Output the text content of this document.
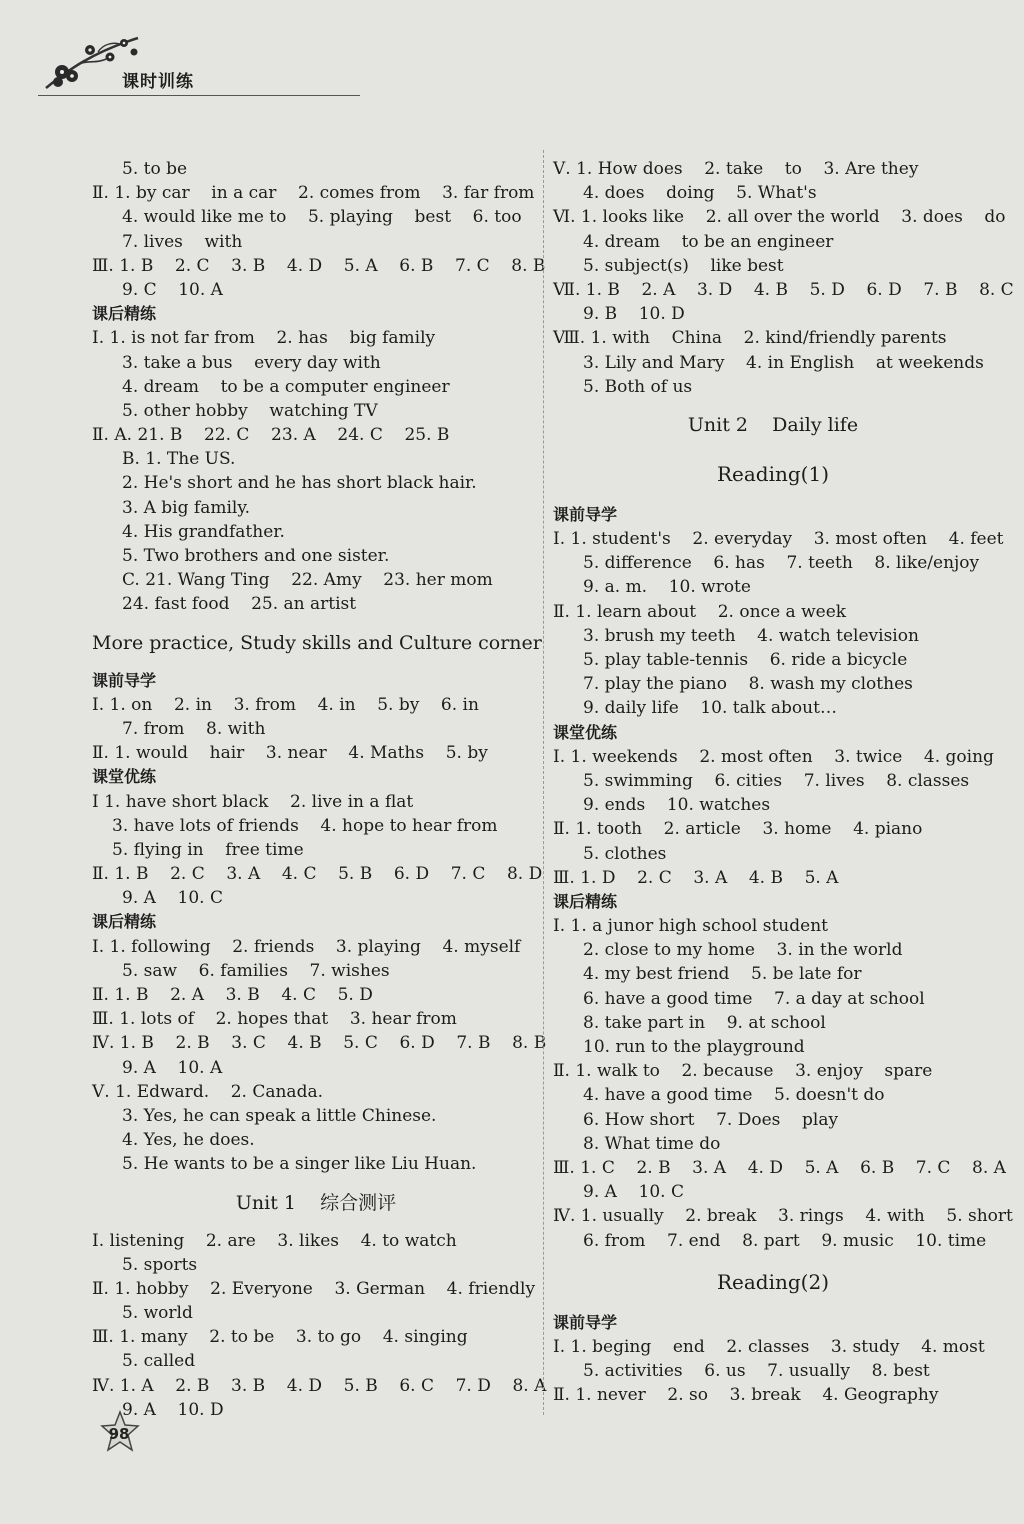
课时训练
5. to be
Ⅱ. 1. by car    in a car    2. comes from    3. far from
4. would like me to    5. playing    best    6. too
7. lives    with
Ⅲ. 1. B    2. C    3. B    4. D    5. A    6. B    7. C    8. B
9. C    10. A
课后精练
Ⅰ. 1. is not far from    2. has    big family
3. take a bus    every day with
4. dream    to be a computer engineer
5. other hobby    watching TV
Ⅱ. A. 21. B    22. C    23. A    24. C    25. B
B. 1. The US.
2. He's short and he has short black hair.
3. A big family.
4. His grandfather.
5. Two brothers and one sister.
C. 21. Wang Ting    22. Amy    23. her mom
24. fast food    25. an artist
More practice, Study skills and Culture corner
课前导学
Ⅰ. 1. on    2. in    3. from    4. in    5. by    6. in
7. from    8. with
Ⅱ. 1. would    hair    3. near    4. Maths    5. by
课堂优练
Ⅰ 1. have short black    2. live in a flat
3. have lots of friends    4. hope to hear from
5. flying in    free time
Ⅱ. 1. B    2. C    3. A    4. C    5. B    6. D    7. C    8. D
9. A    10. C
课后精练
Ⅰ. 1. following    2. friends    3. playing    4. myself
5. saw    6. families    7. wishes
Ⅱ. 1. B    2. A    3. B    4. C    5. D
Ⅲ. 1. lots of    2. hopes that    3. hear from
Ⅳ. 1. B    2. B    3. C    4. B    5. C    6. D    7. B    8. B
9. A    10. A
Ⅴ. 1. Edward.    2. Canada.
3. Yes, he can speak a little Chinese.
4. Yes, he does.
5. He wants to be a singer like Liu Huan.
Unit 1    综合测评
Ⅰ. listening    2. are    3. likes    4. to watch
5. sports
Ⅱ. 1. hobby    2. Everyone    3. German    4. friendly
5. world
Ⅲ. 1. many    2. to be    3. to go    4. singing
5. called
Ⅳ. 1. A    2. B    3. B    4. D    5. B    6. C    7. D    8. A
9. A    10. D
Ⅴ. 1. How does    2. take    to    3. Are they
4. does    doing    5. What's
Ⅵ. 1. looks like    2. all over the world    3. does    do
4. dream    to be an engineer
5. subject(s)    like best
Ⅶ. 1. B    2. A    3. D    4. B    5. D    6. D    7. B    8. C
9. B    10. D
Ⅷ. 1. with    China    2. kind/friendly parents
3. Lily and Mary    4. in English    at weekends
5. Both of us
Unit 2    Daily life
Reading(1)
课前导学
Ⅰ. 1. student's    2. everyday    3. most often    4. feet
5. difference    6. has    7. teeth    8. like/enjoy
9. a. m.    10. wrote
Ⅱ. 1. learn about    2. once a week
3. brush my teeth    4. watch television
5. play table-tennis    6. ride a bicycle
7. play the piano    8. wash my clothes
9. daily life    10. talk about…
课堂优练
Ⅰ. 1. weekends    2. most often    3. twice    4. going
5. swimming    6. cities    7. lives    8. classes
9. ends    10. watches
Ⅱ. 1. tooth    2. article    3. home    4. piano
5. clothes
Ⅲ. 1. D    2. C    3. A    4. B    5. A
课后精练
Ⅰ. 1. a junor high school student
2. close to my home    3. in the world
4. my best friend    5. be late for
6. have a good time    7. a day at school
8. take part in    9. at school
10. run to the playground
Ⅱ. 1. walk to    2. because    3. enjoy    spare
4. have a good time    5. doesn't do
6. How short    7. Does    play
8. What time do
Ⅲ. 1. C    2. B    3. A    4. D    5. A    6. B    7. C    8. A
9. A    10. C
Ⅳ. 1. usually    2. break    3. rings    4. with    5. short
6. from    7. end    8. part    9. music    10. time
Reading(2)
课前导学
Ⅰ. 1. beging    end    2. classes    3. study    4. most
5. activities    6. us    7. usually    8. best
Ⅱ. 1. never    2. so    3. break    4. Geography
98
